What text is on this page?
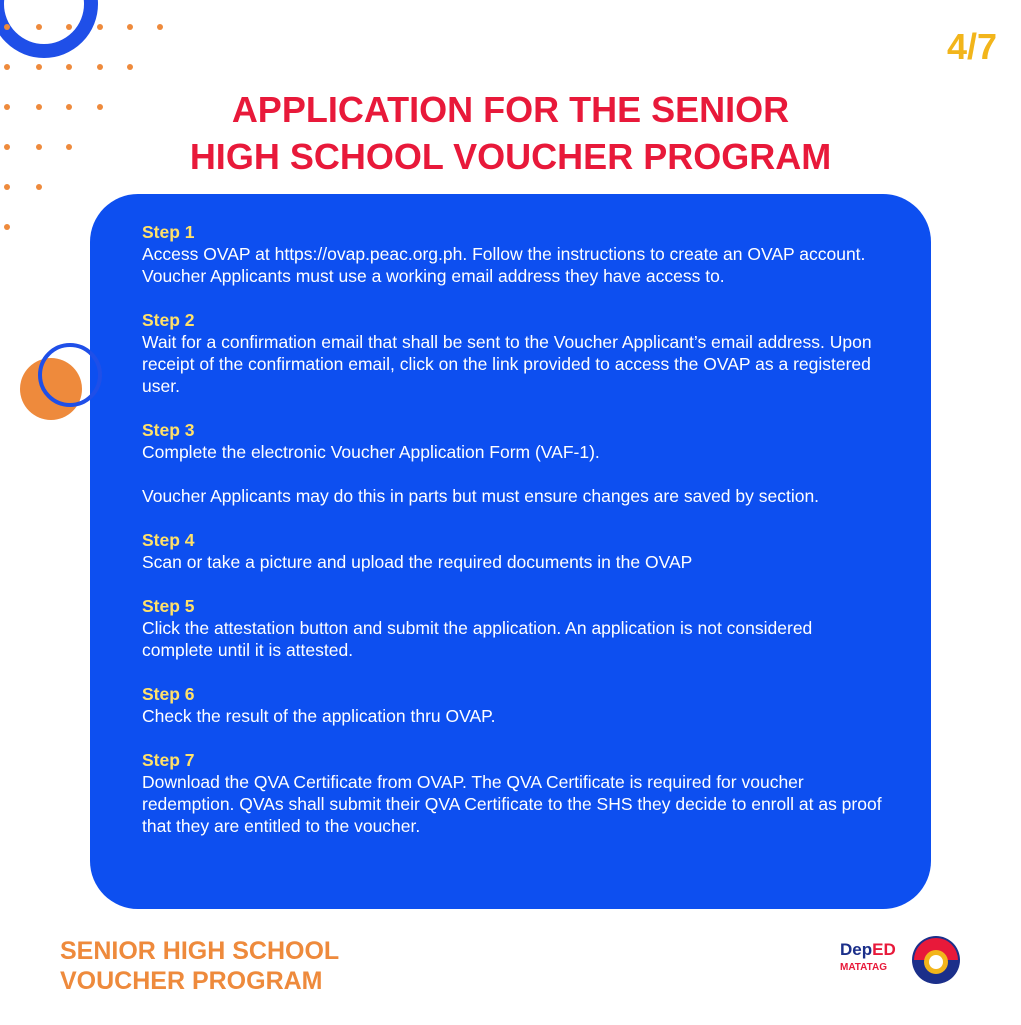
4/7
APPLICATION FOR THE SENIOR
HIGH SCHOOL VOUCHER PROGRAM
Step 1
Access OVAP at https://ovap.peac.org.ph. Follow the instructions to create an OVAP account. Voucher Applicants must use a working email address they have access to.
Step 2
Wait for a confirmation email that shall be sent to the Voucher Applicant’s email address. Upon receipt of the confirmation email, click on the link provided to access the OVAP as a registered user.
Step 3
Complete the electronic Voucher Application Form (VAF-1).
Voucher Applicants may do this in parts but must ensure changes are saved by section.
Step 4
Scan or take a picture and upload the required documents in the OVAP
Step 5
Click the attestation button and submit the application. An application is not considered complete until it is attested.
Step 6
Check the result of the application thru OVAP.
Step 7
Download the QVA Certificate from OVAP. The QVA Certificate is required for voucher redemption. QVAs shall submit their QVA Certificate to the SHS they decide to enroll at as proof that they are entitled to the voucher.
SENIOR HIGH SCHOOL
VOUCHER PROGRAM
DepED
MATATAG
